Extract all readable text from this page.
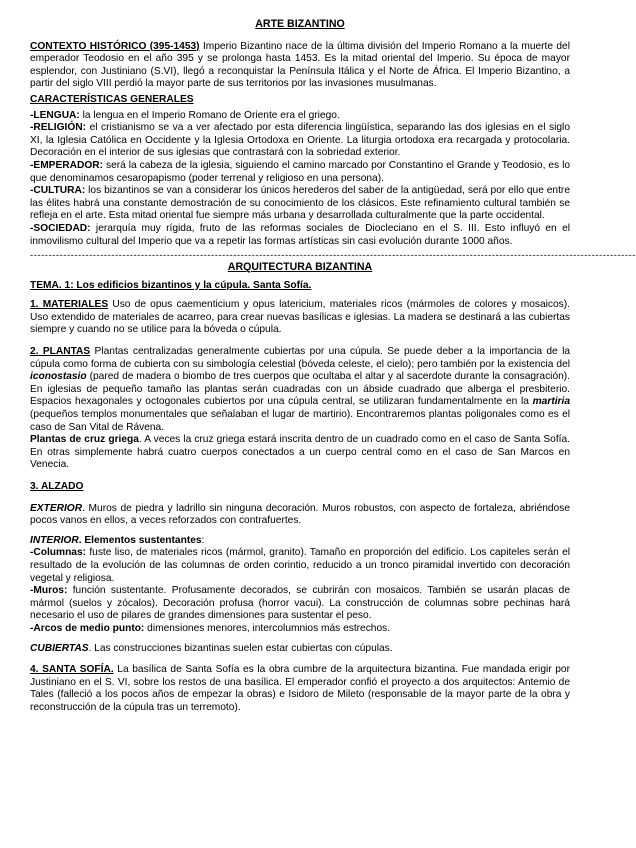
ARTE BIZANTINO

CONTEXTO HISTÓRICO (395-1453) Imperio Bizantino nace de la última división del Imperio Romano a la muerte del emperador Teodosio en el año 395 y se prolonga hasta 1453. Es la mitad oriental del Imperio. Su época de mayor esplendor, con Justiniano (S.VI), llegó a reconquistar la Península Itálica y el Norte de África. El Imperio Bizantino, a partir del siglo VIII perdió la mayor parte de sus territorios por las invasiones musulmanas.

CARACTERÍSTICAS GENERALES

-LENGUA: la lengua en el Imperio Romano de Oriente era el griego.

-RELIGIÓN: el cristianismo se va a ver afectado por esta diferencia lingüística, separando las dos iglesias en el siglo XI, la Iglesia Católica en Occidente y la Iglesia Ortodoxa en Oriente. La liturgia ortodoxa era recargada y protocolaria. Decoración en el interior de sus iglesias que contrastará con la sobriedad exterior.

-EMPERADOR: será la cabeza de la iglesia, siguiendo el camino marcado por Constantino el Grande y Teodosio, es lo que denominamos cesaropapismo (poder terrenal y religioso en una persona).

-CULTURA: los bizantinos se van a considerar los únicos herederos del saber de la antigüedad, será por ello que entre las élites habrá una constante demostración de su conocimiento de los clásicos. Este refinamiento cultural también se refleja en el arte. Esta mitad oriental fue siempre más urbana y desarrollada culturalmente que la parte occidental.

-SOCIEDAD: jerarquía muy rígida, fruto de las reformas sociales de Diocleciano en el S. III. Esto influyó en el inmovilismo cultural del Imperio que va a repetir las formas artísticas sin casi evolución durante 1000 años.

--------------------------------------------------------------------------------------------------------------------------------------------------------------------
ARQUITECTURA BIZANTINA
TEMA. 1: Los edificios bizantinos y la cúpula. Santa Sofía.

1. MATERIALES Uso de opus caementicium y opus latericium, materiales ricos (mármoles de colores y mosaicos). Uso extendido de materiales de acarreo, para crear nuevas basílicas e iglesias. La madera se destinará a las cubiertas siempre y cuando no se utilice para la bóveda o cúpula.

2. PLANTAS Plantas centralizadas generalmente cubiertas por una cúpula. Se puede deber a la importancia de la cúpula como forma de cubierta con su simbología celestial (bóveda celeste, el cielo); pero también por la existencia del iconostasio (pared de madera o biombo de tres cuerpos que ocultaba el altar y al sacerdote durante la consagración). En iglesias de pequeño tamaño las plantas serán cuadradas con un ábside cuadrado que alberga el presbiterio. Espacios hexagonales y octogonales cubiertos por una cúpula central, se utilizaran fundamentalmente en la martiria (pequeños templos monumentales que señalaban el lugar de martirio). Encontraremos plantas poligonales como es el caso de San Vital de Rávena.

Plantas de cruz griega. A veces la cruz griega estará inscrita dentro de un cuadrado como en el caso de Santa Sofía. En otras simplemente habrá cuatro cuerpos conectados a un cuerpo central como en el caso de San Marcos en Venecia.

3. ALZADO

EXTERIOR. Muros de piedra y ladrillo sin ninguna decoración. Muros robustos, con aspecto de fortaleza, abriéndose pocos vanos en ellos, a veces reforzados con contrafuertes.

INTERIOR. Elementos sustentantes:

-Columnas: fuste liso, de materiales ricos (mármol, granito). Tamaño en proporción del edificio. Los capiteles serán el resultado de la evolución de las columnas de orden corintio, reducido a un tronco piramidal invertido con decoración vegetal y religiosa.

-Muros: función sustentante. Profusamente decorados, se cubrirán con mosaicos. También se usarán placas de mármol (suelos y zócalos). Decoración profusa (horror vacui). La construcción de columnas sobre pechinas hará necesario el uso de pilares de grandes dimensiones para sustentar el peso.

-Arcos de medio punto: dimensiones menores, intercolumnios más estrechos.

CUBIERTAS. Las construcciones bizantinas suelen estar cubiertas con cúpulas.

4. SANTA SOFÍA. La basílica de Santa Sofía es la obra cumbre de la arquitectura bizantina. Fue mandada erigir por Justiniano en el S. VI, sobre los restos de una basílica. El emperador confió el proyecto a dos arquitectos: Antemio de Tales (falleció a los pocos años de empezar la obras) e Isidoro de Mileto (responsable de la mayor parte de la obra y reconstrucción de la cúpula tras un terremoto).
